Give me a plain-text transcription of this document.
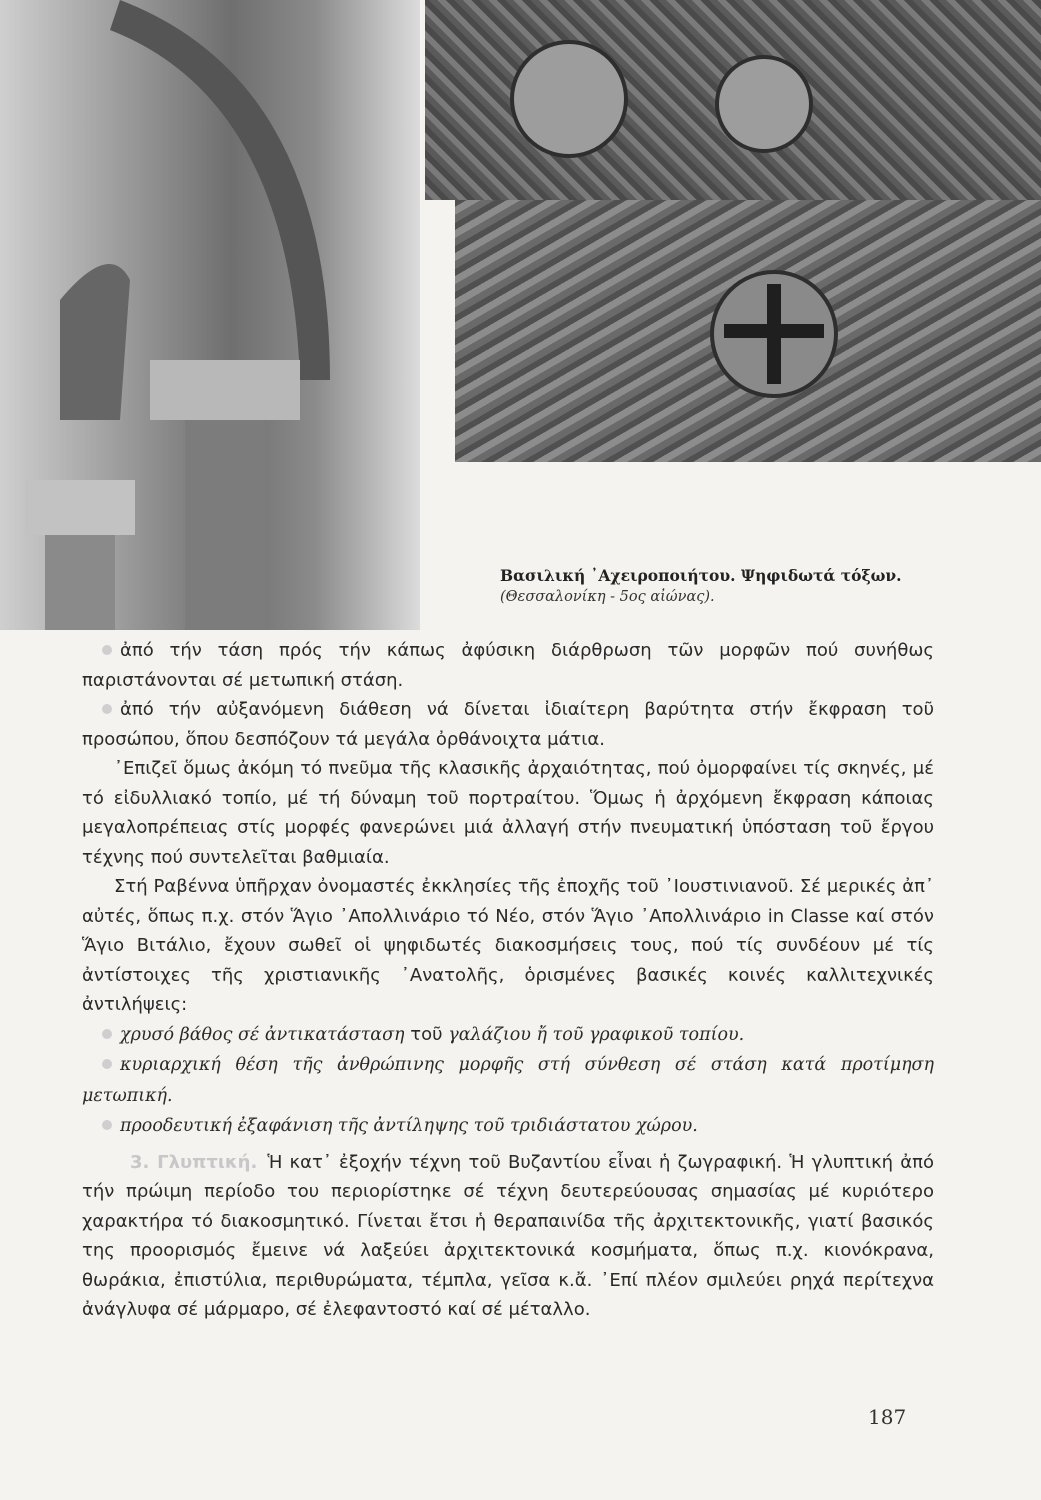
Βασιλική ᾿Αχειροποιήτου. Ψηφιδωτά τόξων.

(Θεσσαλονίκη - 5ος αἰώνας).

ἀπό τήν τάση πρός τήν κάπως ἀφύσικη διάρθρωση τῶν μορφῶν πού συνήθως παριστάνονται σέ μετωπική στάση.

ἀπό τήν αὐξανόμενη διάθεση νά δίνεται ἰδιαίτερη βαρύτητα στήν ἔκφραση τοῦ προσώπου, ὅπου δεσπόζουν τά μεγάλα ὀρθάνοιχτα μάτια.

᾿Επιζεῖ ὅμως ἀκόμη τό πνεῦμα τῆς κλασικῆς ἀρχαιότητας, πού ὀμορφαίνει τίς σκηνές, μέ τό εἰδυλλιακό τοπίο, μέ τή δύναμη τοῦ πορτραίτου. Ὅμως ἡ ἀρχόμενη ἔκφραση κάποιας μεγαλοπρέπειας στίς μορφές φανερώνει μιά ἀλλαγή στήν πνευματική ὑπόσταση τοῦ ἔργου τέχνης πού συντελεῖται βαθμιαία.

Στή Ραβέννα ὑπῆρχαν ὀνομαστές ἐκκλησίες τῆς ἐποχῆς τοῦ ᾿Ιουστινιανοῦ. Σέ μερικές ἀπ᾿ αὐτές, ὅπως π.χ. στόν Ἅγιο ᾿Απολλινάριο τό Νέο, στόν Ἅγιο ᾿Απολλινάριο in Classe καί στόν Ἅγιο Βιτάλιο, ἔχουν σωθεῖ οἱ ψηφιδωτές διακοσμήσεις τους, πού τίς συνδέουν μέ τίς ἀντίστοιχες τῆς χριστιανικῆς ᾿Ανατολῆς, ὁρισμένες βασικές κοινές καλλιτεχνικές ἀντιλήψεις:

χρυσό βάθος σέ ἀντικατάσταση τοῦ γαλάζιου ἤ τοῦ γραφικοῦ τοπίου.

κυριαρχική θέση τῆς ἀνθρώπινης μορφῆς στή σύνθεση σέ στάση κατά προτίμηση μετωπική.

προοδευτική ἐξαφάνιση τῆς ἀντίληψης τοῦ τριδιάστατου χώρου.

3. Γλυπτική. Ἡ κατ᾿ ἐξοχήν τέχνη τοῦ Βυζαντίου εἶναι ἡ ζωγραφική. Ἡ γλυπτική ἀπό τήν πρώιμη περίοδο του περιορίστηκε σέ τέχνη δευτερεύουσας σημασίας μέ κυριότερο χαρακτήρα τό διακοσμητικό. Γίνεται ἔτσι ἡ θεραπαινίδα τῆς ἀρχιτεκτονικῆς, γιατί βασικός της προορισμός ἔμεινε νά λαξεύει ἀρχιτεκτονικά κοσμήματα, ὅπως π.χ. κιονόκρανα, θωράκια, ἐπιστύλια, περιθυρώματα, τέμπλα, γεῖσα κ.ἄ. ᾿Επί πλέον σμιλεύει ρηχά περίτεχνα ἀνάγλυφα σέ μάρμαρο, σέ ἐλεφαντοστό καί σέ μέταλλο.

187
